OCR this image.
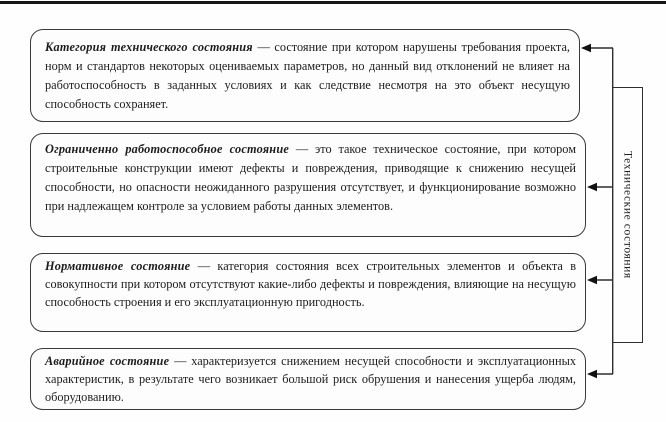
Категория технического состояния — состояние при котором нарушены требования проекта, норм и стандартов некоторых оцениваемых параметров, но данный вид отклонений не влияет на работоспособность в заданных условиях и как следствие несмотря на это объект несущую способность сохраняет.

Ограниченно работоспособное состояние — это такое техническое состояние, при котором строительные конструкции имеют дефекты и повреждения, приводящие к снижению несущей способности, но опасности неожиданного разрушения отсутствует, и функционирование возможно при надлежащем контроле за условием работы данных элементов.

Нормативное состояние — категория состояния всех строительных элементов и объекта в совокупности при котором отсутствуют какие-либо дефекты и повреждения, влияющие на несущую способность строения и его эксплуатационную пригодность.

Аварийное состояние — характеризуется снижением несущей способности и эксплуатационных характеристик, в результате чего возникает большой риск обрушения и нанесения ущерба людям, оборудованию.

Технические состояния
